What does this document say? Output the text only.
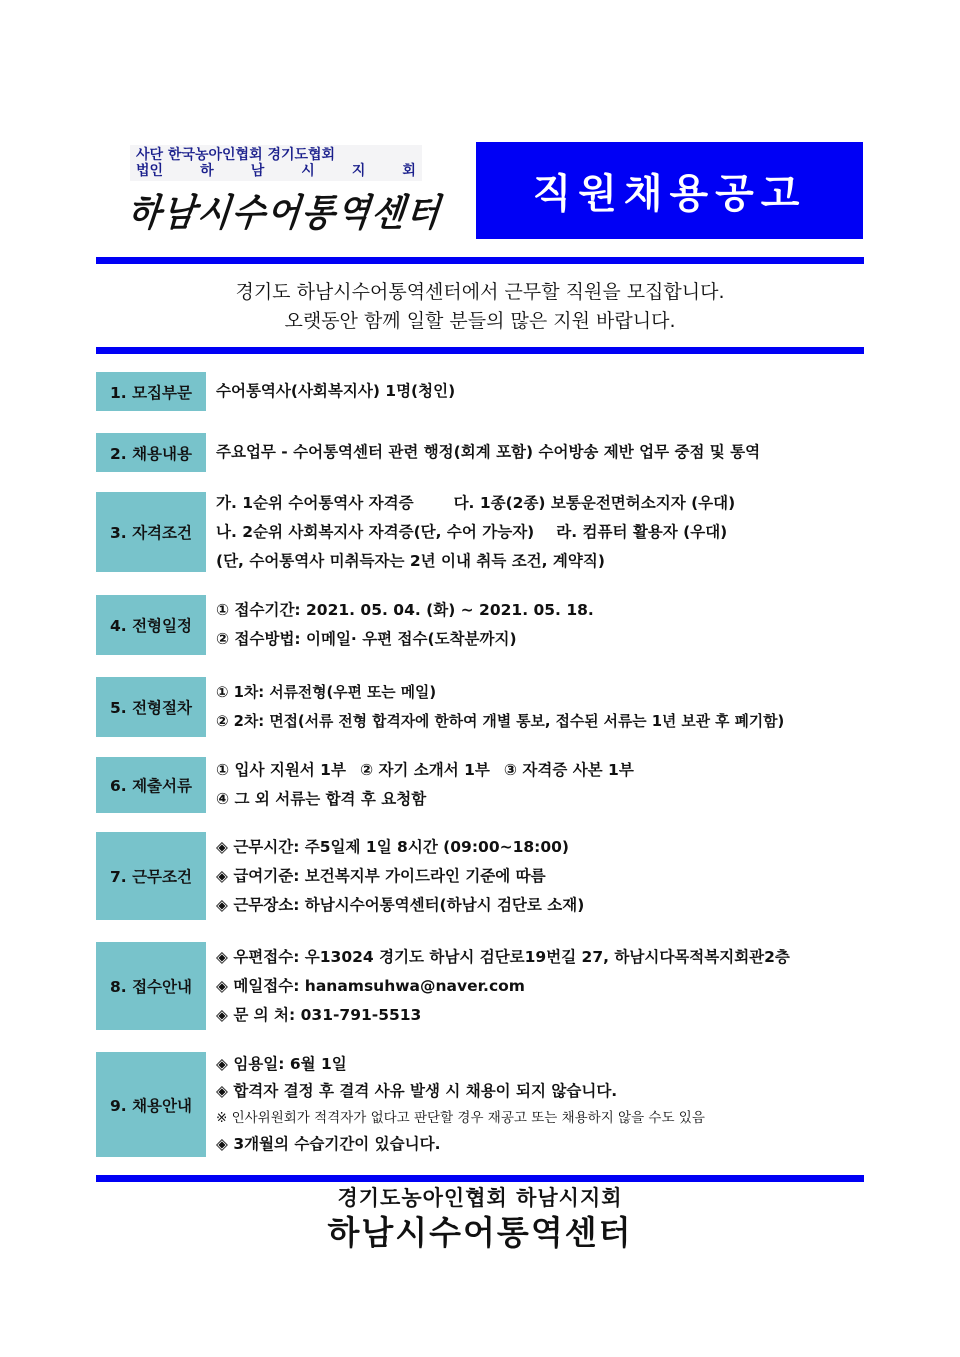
사단 한국농아인협회 경기도협회
법인	하	남	시	지	회
하남시수어통역센터 직원채용공고
경기도 하남시수어통역센터에서 근무할 직원을 모집합니다.
오랫동안 함께 일할 분들의 많은 지원 바랍니다.
1. 모집부문	수어통역사(사회복지사) 1명(청인)
2. 채용내용	주요업무 - 수어통역센터 관련 행정(회계 포함) 수어방송 제반 업무 중점 및 통역
3. 자격조건
가. 1순위 수어통역사 자격증	다. 1종(2종) 보통운전면허소지자 (우대)
나. 2순위 사회복지사 자격증(단, 수어 가능자) 라. 컴퓨터 활용자 (우대)
(단, 수어통역사 미취득자는 2년 이내 취득 조건, 계약직)
4. 전형일정
① 접수기간: 2021. 05. 04. (화) ~ 2021. 05. 18.
② 접수방법: 이메일· 우편 접수(도착분까지)
5. 전형절차
① 1차: 서류전형(우편 또는 메일)
② 2차: 면접(서류 전형 합격자에 한하여 개별 통보, 접수된 서류는 1년 보관 후 폐기함)
6. 제출서류
① 입사 지원서 1부 ② 자기 소개서 1부 ③ 자격증 사본 1부
④ 그 외 서류는 합격 후 요청함
7. 근무조건
◈ 근무시간: 주5일제 1일 8시간 (09:00~18:00)
◈ 급여기준: 보건복지부 가이드라인 기준에 따름
◈ 근무장소: 하남시수어통역센터(하남시 검단로 소재)
8. 접수안내
◈ 우편접수: 우13024 경기도 하남시 검단로19번길 27, 하남시다목적복지회관2층
◈ 메일접수: hanamsuhwa@naver.com
◈ 문 의 처: 031-791-5513
9. 채용안내
◈ 임용일: 6월 1일
◈ 합격자 결정 후 결격 사유 발생 시 채용이 되지 않습니다.
※ 인사위원회가 적격자가 없다고 판단할 경우 재공고 또는 채용하지 않을 수도 있음
◈ 3개월의 수습기간이 있습니다.
경기도농아인협회 하남시지회
하남시수어통역센터
